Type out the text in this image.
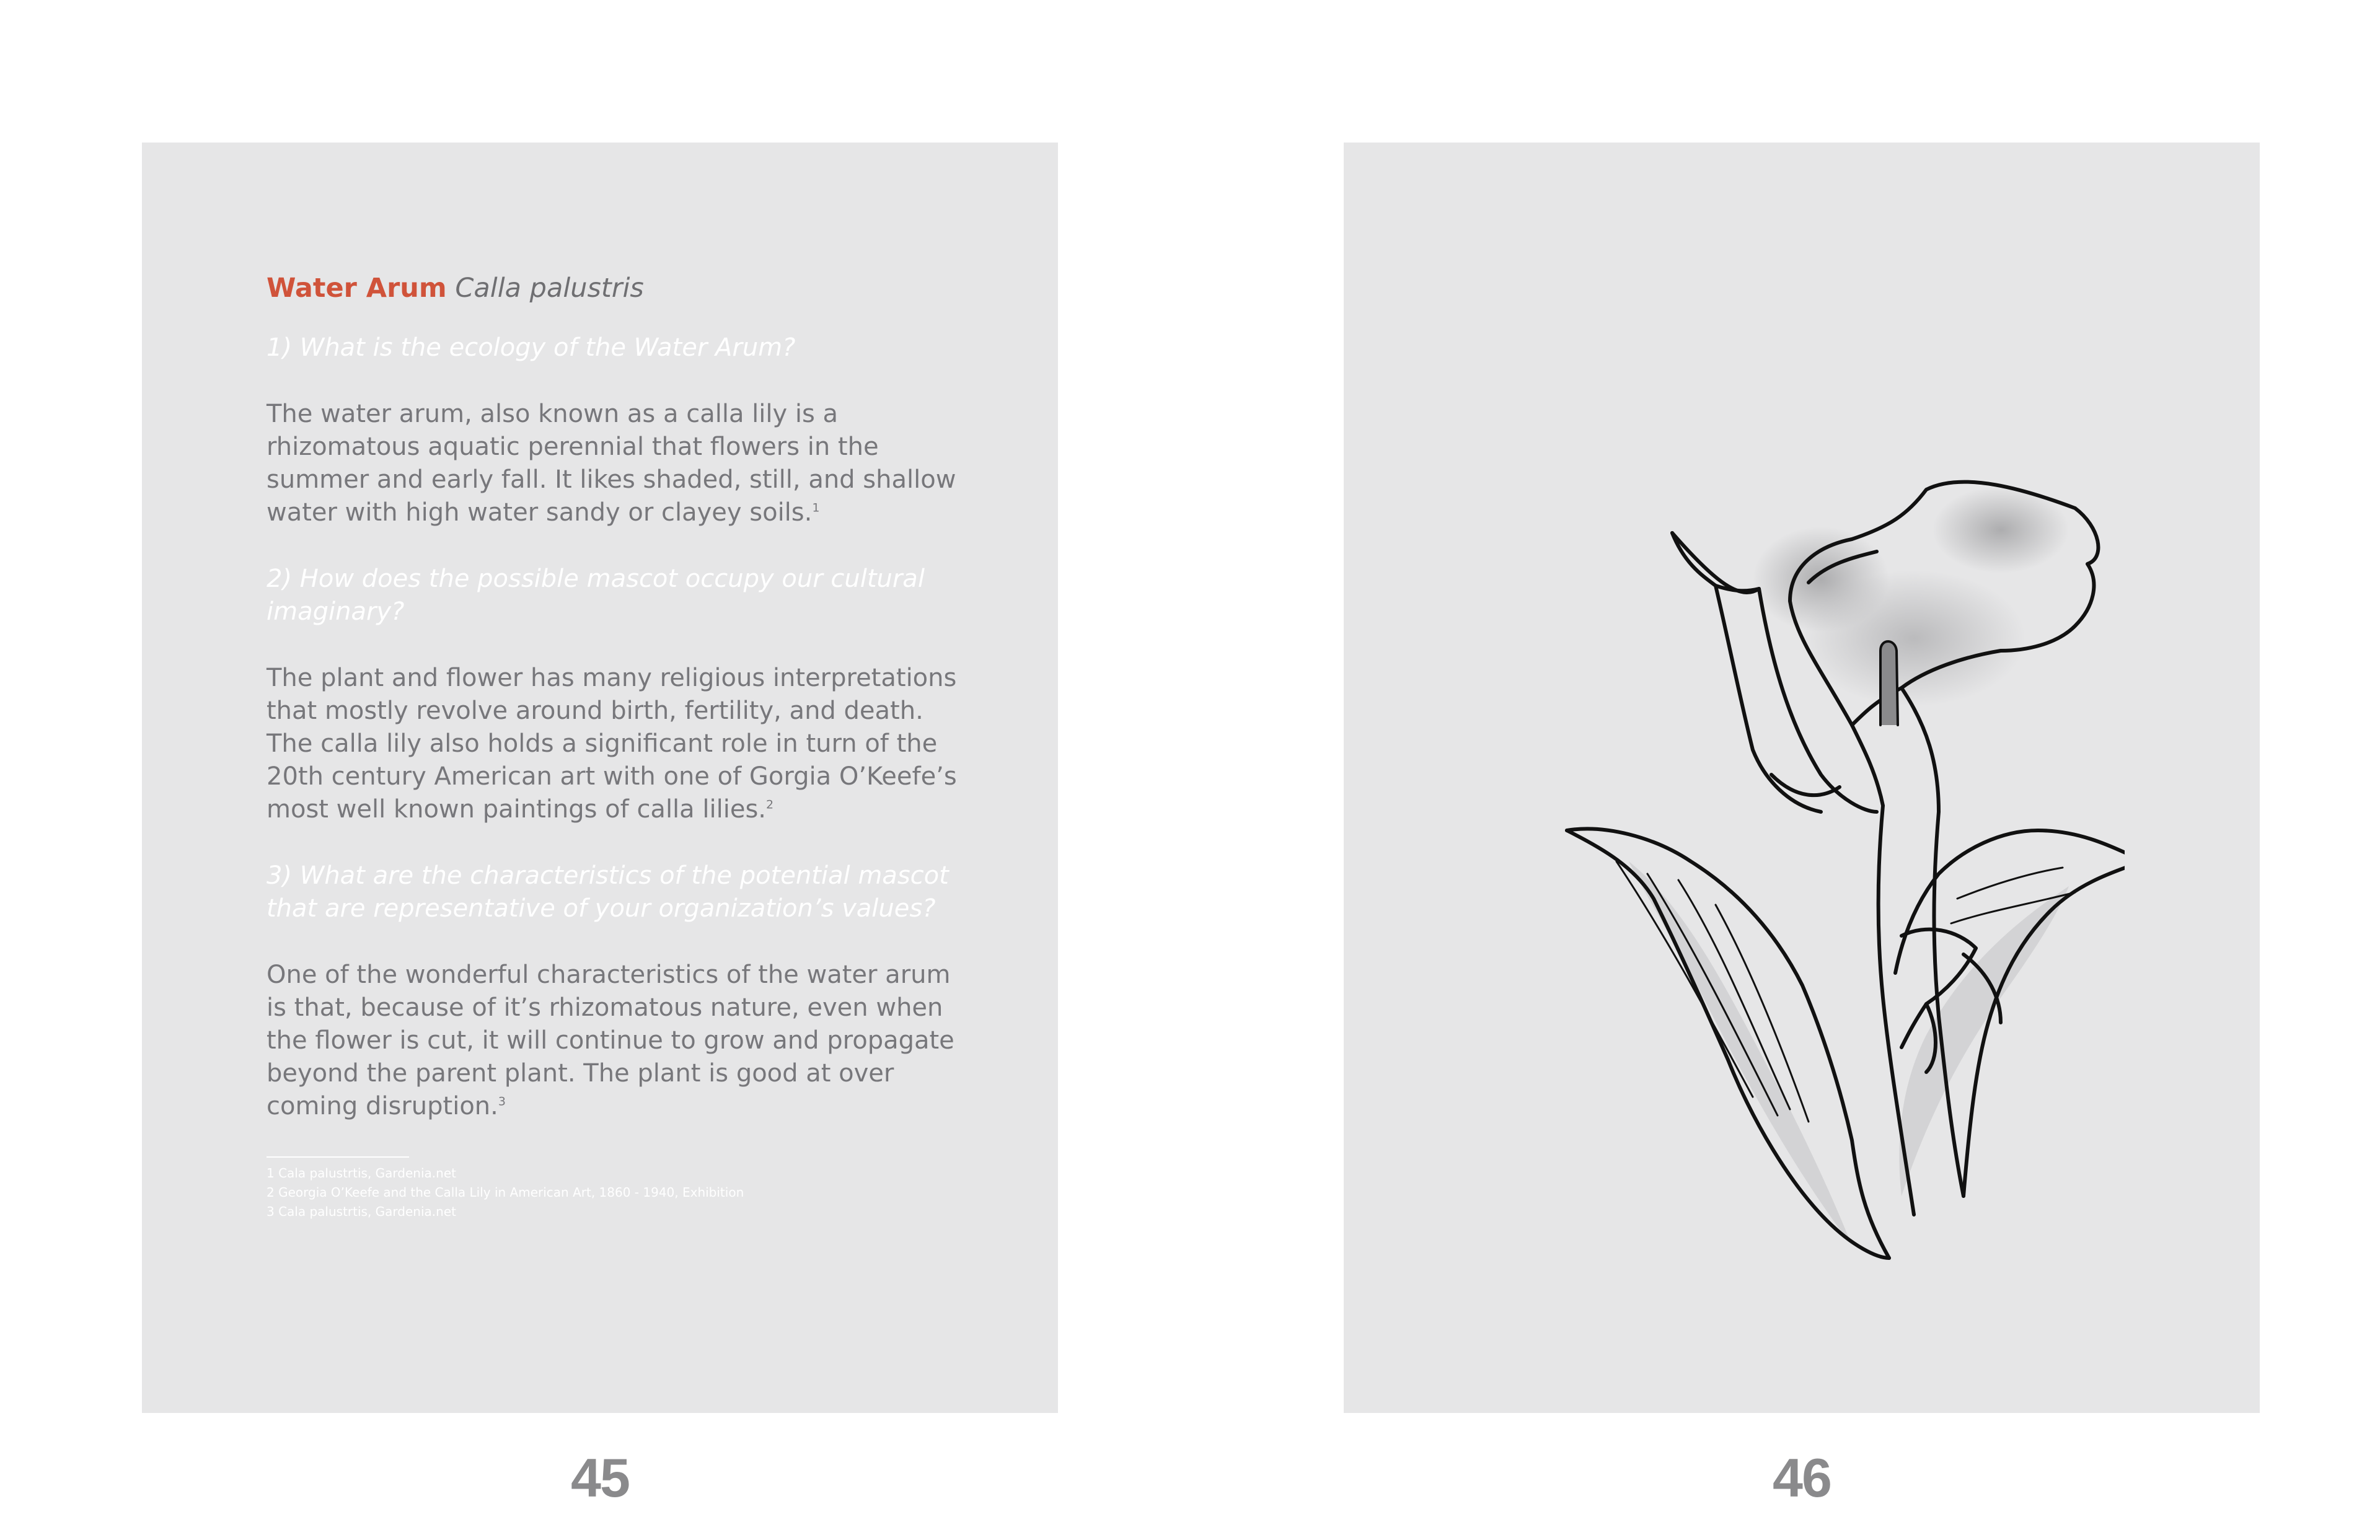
Water Arum Calla palustris
1) What is the ecology of the Water Arum?
The water arum, also known as a calla lily is a rhizomatous aquatic perennial that flowers in the summer and early fall. It likes shaded, still, and shallow water with high water sandy or clayey soils.$^1$
2) How does the possible mascot occupy our cultural imaginary?
The plant and flower has many religious interpretations that mostly revolve around birth, fertility, and death. The calla lily also holds a significant role in turn of the 20th century American art with one of Gorgia O’Keefe’s most well known paintings of calla lilies.$^2$
3) What are the characteristics of the potential mascot that are representative of your organization’s values?
One of the wonderful characteristics of the water arum is that, because of it’s rhizomatous nature, even when the flower is cut, it will continue to grow and propagate beyond the parent plant. The plant is good at over coming disruption.$^3$
1 Cala palustrtis, Gardenia.net
2 Georgia O’Keefe and the Calla Lily in American Art, 1860 - 1940, Exhibition
3 Cala palustrtis, Gardenia.net
45	46
